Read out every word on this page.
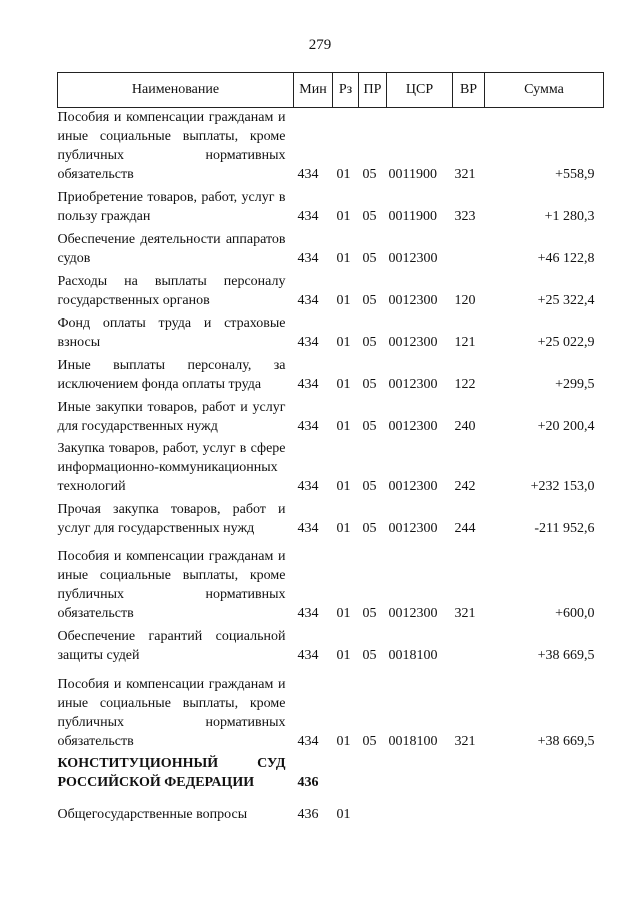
279
Наименование	Мин	Рз	ПР	ЦСР	ВР	Сумма
Пособия и компенсации гражданам и иные социальные выплаты, кроме публичных нормативных обязательств	434	01	05	0011900	321	+558,9
Приобретение товаров, работ, услуг в пользу граждан	434	01	05	0011900	323	+1 280,3
Обеспечение деятельности аппаратов судов	434	01	05	0012300		+46 122,8
Расходы на выплаты персоналу государственных органов	434	01	05	0012300	120	+25 322,4
Фонд оплаты труда и страховые взносы	434	01	05	0012300	121	+25 022,9
Иные выплаты персоналу, за исключением фонда оплаты труда	434	01	05	0012300	122	+299,5
Иные закупки товаров, работ и услуг для государственных нужд	434	01	05	0012300	240	+20 200,4
Закупка товаров, работ, услуг в сфере информационно-коммуникационных технологий	434	01	05	0012300	242	+232 153,0
Прочая закупка товаров, работ и услуг для государственных нужд	434	01	05	0012300	244	-211 952,6
Пособия и компенсации гражданам и иные социальные выплаты, кроме публичных нормативных обязательств	434	01	05	0012300	321	+600,0
Обеспечение гарантий социальной защиты судей	434	01	05	0018100		+38 669,5
Пособия и компенсации гражданам и иные социальные выплаты, кроме публичных нормативных обязательств	434	01	05	0018100	321	+38 669,5
КОНСТИТУЦИОННЫЙ СУД РОССИЙСКОЙ ФЕДЕРАЦИИ	436					
Общегосударственные вопросы	436	01				
